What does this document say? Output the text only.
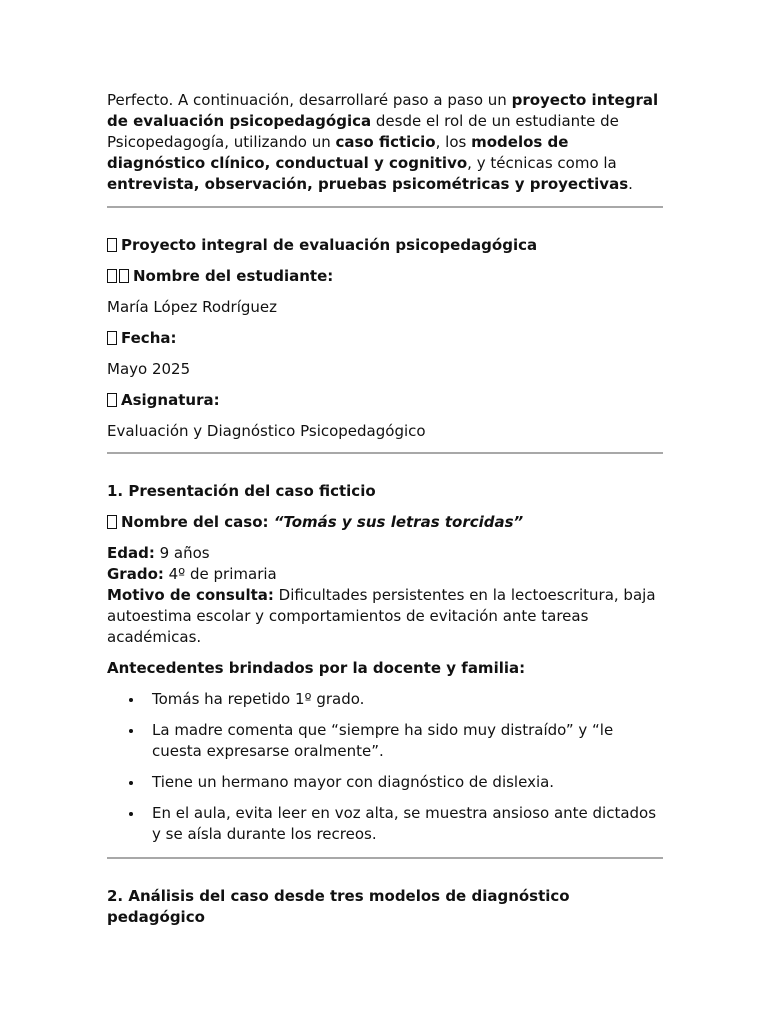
Perfecto. A continuación, desarrollaré paso a paso un proyecto integral de evaluación psicopedagógica desde el rol de un estudiante de Psicopedagogía, utilizando un caso ficticio, los modelos de diagnóstico clínico, conductual y cognitivo, y técnicas como la entrevista, observación, pruebas psicométricas y proyectivas.

Proyecto integral de evaluación psicopedagógica

Nombre del estudiante:

María López Rodríguez

Fecha:

Mayo 2025

Asignatura:

Evaluación y Diagnóstico Psicopedagógico

1. Presentación del caso ficticio

Nombre del caso: “Tomás y sus letras torcidas”

Edad: 9 años

Grado: 4º de primaria

Motivo de consulta: Dificultades persistentes en la lectoescritura, baja autoestima escolar y comportamientos de evitación ante tareas académicas.

Antecedentes brindados por la docente y familia:

Tomás ha repetido 1º grado.
La madre comenta que “siempre ha sido muy distraído” y “le cuesta expresarse oralmente”.
Tiene un hermano mayor con diagnóstico de dislexia.
En el aula, evita leer en voz alta, se muestra ansioso ante dictados y se aísla durante los recreos.

2. Análisis del caso desde tres modelos de diagnóstico pedagógico
